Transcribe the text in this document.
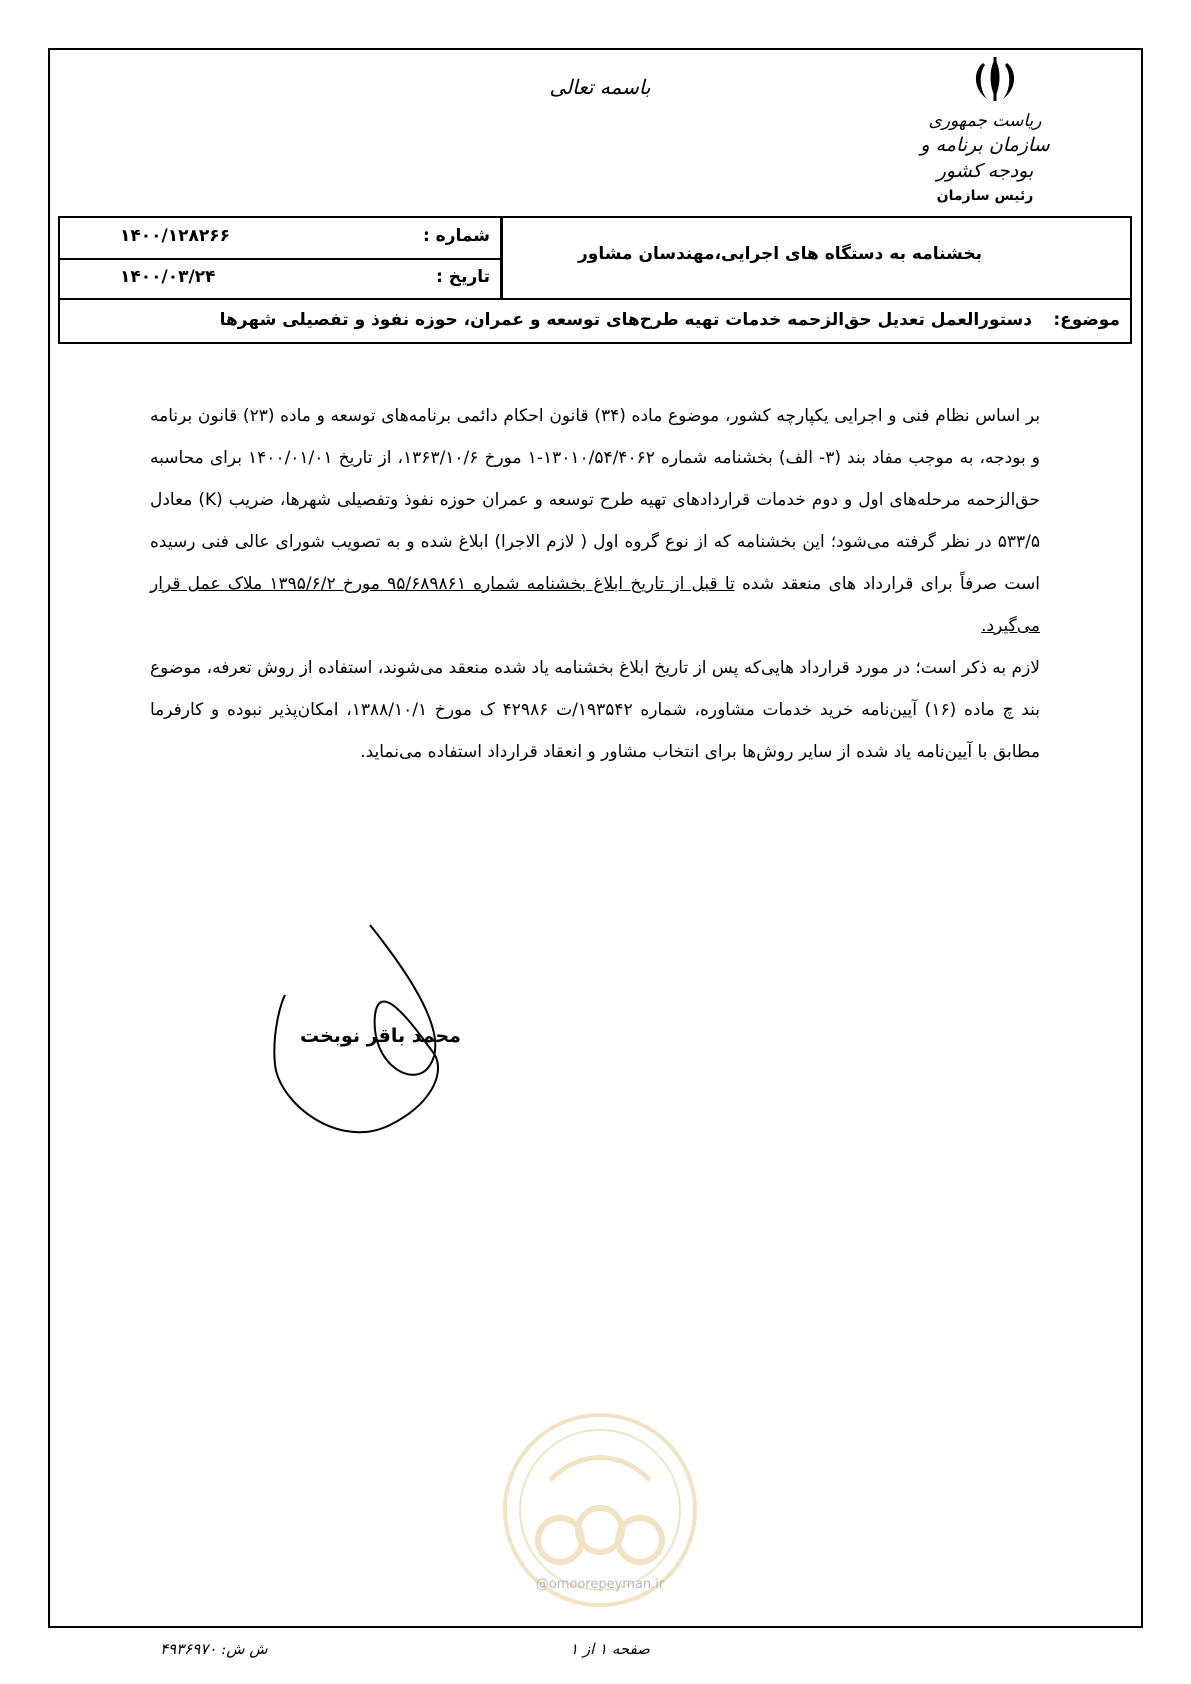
باسمه تعالی
ریاست جمهوری
سازمان برنامه و بودجه کشور
رئیس سازمان
شماره :
۱۴۰۰/۱۲۸۲۶۶
تاریخ :
۱۴۰۰/۰۳/۲۴
بخشنامه به دستگاه های اجرایی،مهندسان مشاور
موضوع:
دستورالعمل تعدیل حق‌الزحمه خدمات تهیه طرح‌های توسعه و عمران، حوزه نفوذ و تفصیلی شهرها

بر اساس نظام فنی و اجرایی یکپارچه کشور، موضوع ماده (۳۴) قانون احکام دائمی برنامه‌های توسعه و ماده (۲۳) قانون برنامه و بودجه، به موجب مفاد بند (۳- الف) بخشنامه شماره ۱۳۰۱۰/۵۴/۴۰۶۲-۱ مورخ ۱۳۶۳/۱۰/۶، از تاریخ ۱۴۰۰/۰۱/۰۱ برای محاسبه حق‌الزحمه مرحله‌های اول و دوم خدمات قراردادهای تهیه طرح توسعه و عمران حوزه نفوذ وتفصیلی شهرها، ضریب (K) معادل ۵۳۳/۵ در نظر گرفته می‌شود؛ این بخشنامه که از نوع گروه اول ( لازم الاجرا) ابلاغ شده و به تصویب شورای عالی فنی رسیده است صرفاً برای قرارداد های منعقد شده تا قبل از تاریخ ابلاغ بخشنامه شماره ۹۵/۶۸۹۸۶۱ مورخ ۱۳۹۵/۶/۲ ملاک عمل قرار می‌گیرد.

لازم به ذکر است؛ در مورد قرارداد هایی‌که پس از تاریخ ابلاغ بخشنامه یاد شده منعقد می‌شوند، استفاده از روش تعرفه، موضوع بند چ ماده (۱۶) آیین‌نامه خرید خدمات مشاوره، شماره ۱۹۳۵۴۲/ت ۴۲۹۸۶ ک مورخ ۱۳۸۸/۱۰/۱، امکان‌پذیر نبوده و کارفرما مطابق با آیین‌نامه یاد شده از سایر روش‌ها برای انتخاب مشاور و انعقاد قرارداد استفاده می‌نماید.

محمد باقر نوبخت
@omoorepeyman.ir
ش ش: ۴۹۳۶۹۷۰	صفحه ۱ از ۱
